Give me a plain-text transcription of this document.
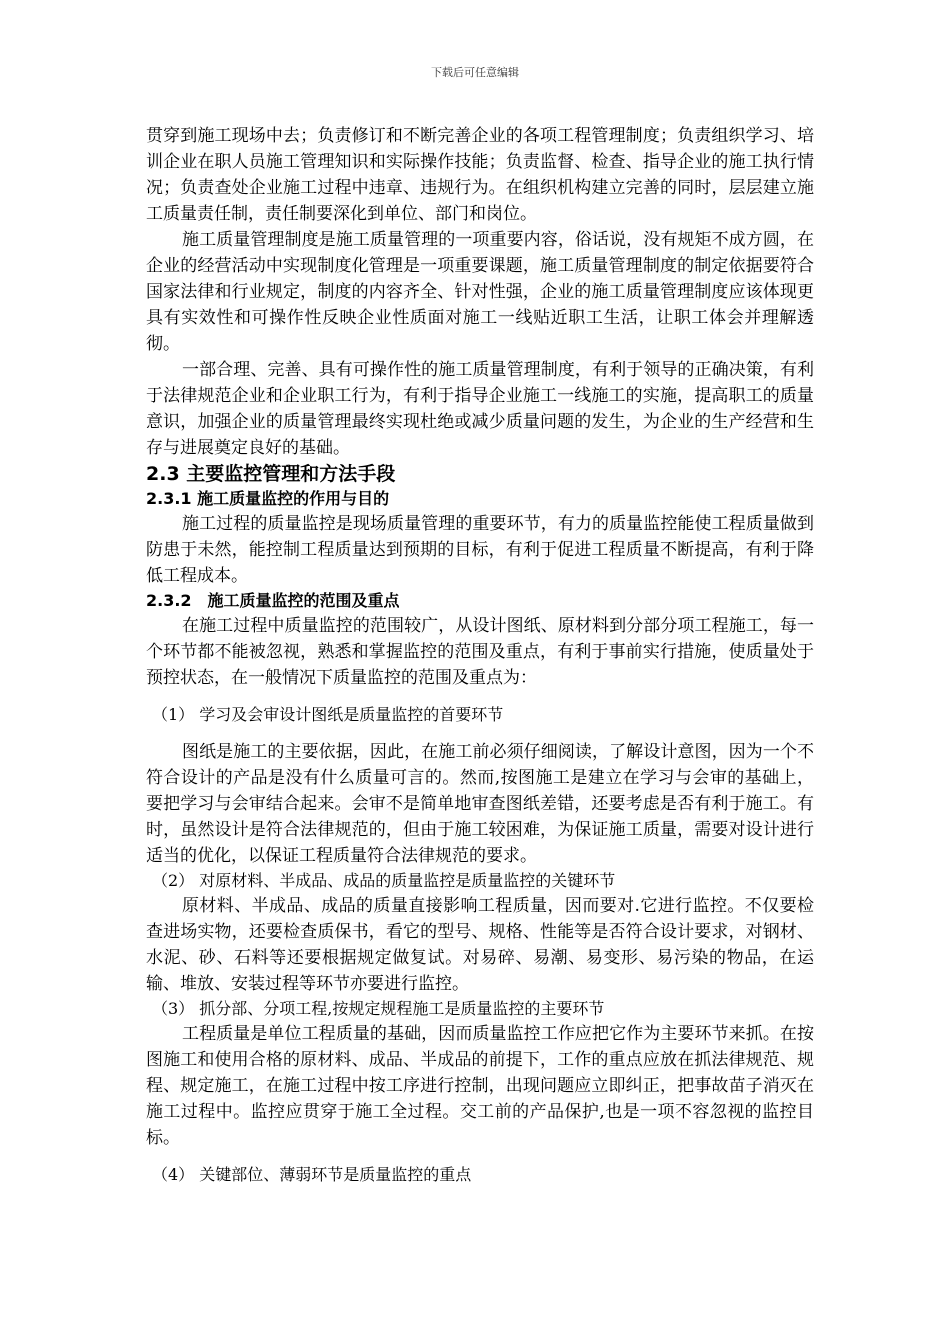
下载后可任意编辑

贯穿到施工现场中去；负责修订和不断完善企业的各项工程管理制度；负责组织学习、培训企业在职人员施工管理知识和实际操作技能；负责监督、检查、指导企业的施工执行情况；负责查处企业施工过程中违章、违规行为。在组织机构建立完善的同时，层层建立施工质量责任制，责任制要深化到单位、部门和岗位。

施工质量管理制度是施工质量管理的一项重要内容，俗话说，没有规矩不成方圆，在企业的经营活动中实现制度化管理是一项重要课题，施工质量管理制度的制定依据要符合国家法律和行业规定，制度的内容齐全、针对性强，企业的施工质量管理制度应该体现更具有实效性和可操作性反映企业性质面对施工一线贴近职工生活，让职工体会并理解透彻。

一部合理、完善、具有可操作性的施工质量管理制度，有利于领导的正确决策，有利于法律规范企业和企业职工行为，有利于指导企业施工一线施工的实施，提高职工的质量意识，加强企业的质量管理最终实现杜绝或减少质量问题的发生，为企业的生产经营和生存与进展奠定良好的基础。

2.3 主要监控管理和方法手段
2.3.1 施工质量监控的作用与目的

施工过程的质量监控是现场质量管理的重要环节，有力的质量监控能使工程质量做到防患于未然，能控制工程质量达到预期的目标，有利于促进工程质量不断提高，有利于降低工程成本。

2.3.2　施工质量监控的范围及重点

在施工过程中质量监控的范围较广，从设计图纸、原材料到分部分项工程施工，每一个环节都不能被忽视，熟悉和掌握监控的范围及重点，有利于事前实行措施，使质量处于预控状态，在一般情况下质量监控的范围及重点为：

（1） 学习及会审设计图纸是质量监控的首要环节

图纸是施工的主要依据，因此，在施工前必须仔细阅读，了解设计意图，因为一个不符合设计的产品是没有什么质量可言的。然而,按图施工是建立在学习与会审的基础上，要把学习与会审结合起来。会审不是简单地审查图纸差错，还要考虑是否有利于施工。有时，虽然设计是符合法律规范的，但由于施工较困难，为保证施工质量，需要对设计进行适当的优化，以保证工程质量符合法律规范的要求。

（2） 对原材料、半成品、成品的质量监控是质量监控的关键环节

原材料、半成品、成品的质量直接影响工程质量，因而要对.它进行监控。不仅要检查进场实物，还要检查质保书，看它的型号、规格、性能等是否符合设计要求，对钢材、水泥、砂、石料等还要根据规定做复试。对易碎、易潮、易变形、易污染的物品，在运输、堆放、安装过程等环节亦要进行监控。

（3） 抓分部、分项工程,按规定规程施工是质量监控的主要环节

工程质量是单位工程质量的基础，因而质量监控工作应把它作为主要环节来抓。在按图施工和使用合格的原材料、成品、半成品的前提下，工作的重点应放在抓法律规范、规程、规定施工，在施工过程中按工序进行控制，出现问题应立即纠正，把事故苗子消灭在施工过程中。监控应贯穿于施工全过程。交工前的产品保护,也是一项不容忽视的监控目标。

（4） 关键部位、薄弱环节是质量监控的重点
